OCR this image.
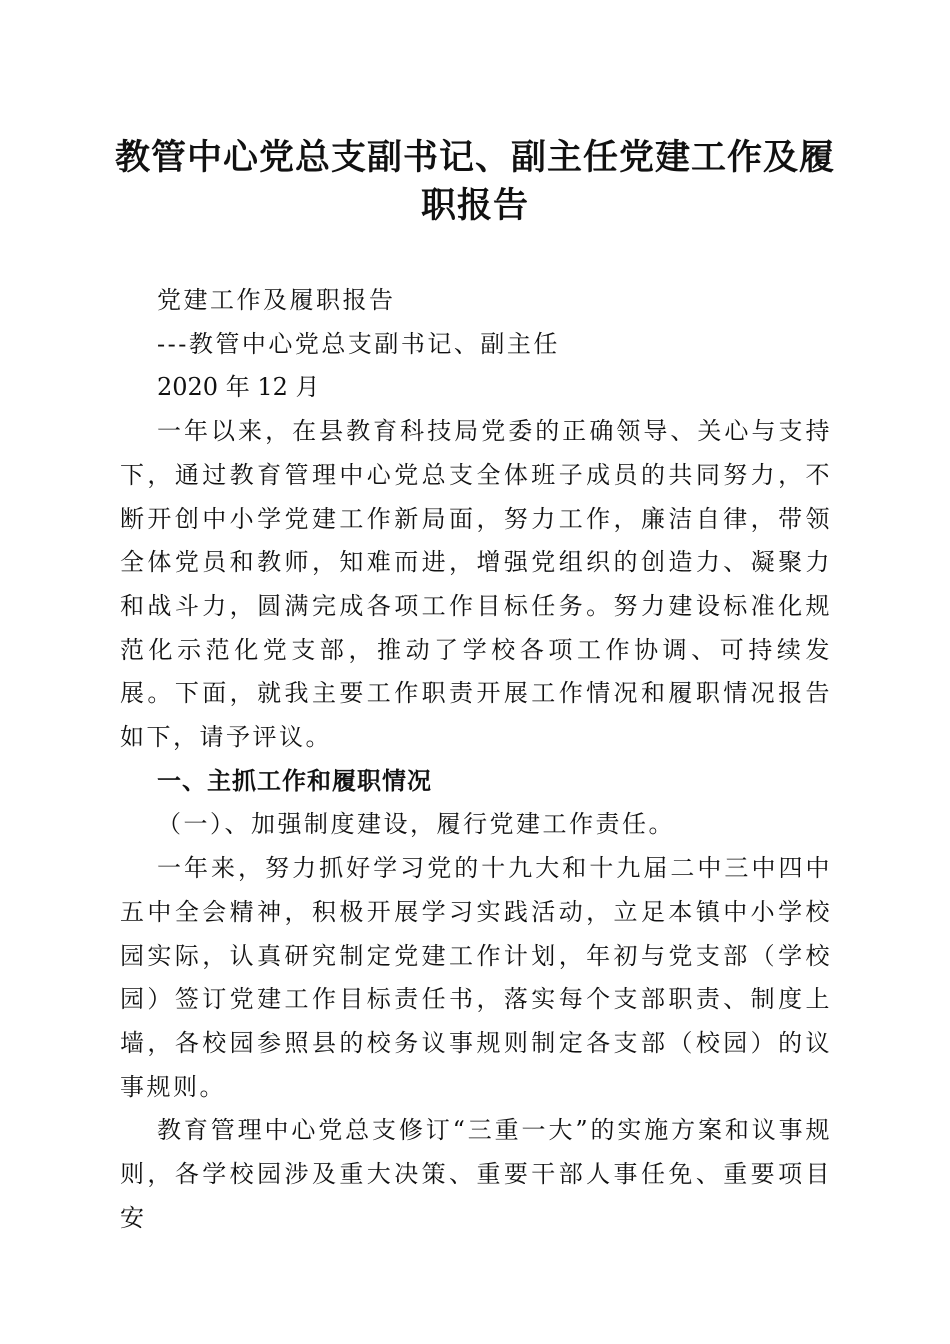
教管中心党总支副书记、副主任党建工作及履职报告

党建工作及履职报告

---教管中心党总支副书记、副主任

2020 年 12 月

一年以来，在县教育科技局党委的正确领导、关心与支持下，通过教育管理中心党总支全体班子成员的共同努力，不断开创中小学党建工作新局面，努力工作，廉洁自律，带领全体党员和教师，知难而进，增强党组织的创造力、凝聚力和战斗力，圆满完成各项工作目标任务。努力建设标准化规范化示范化党支部，推动了学校各项工作协调、可持续发展。下面，就我主要工作职责开展工作情况和履职情况报告如下，请予评议。

一、主抓工作和履职情况

（一）、加强制度建设，履行党建工作责任。

一年来，努力抓好学习党的十九大和十九届二中三中四中五中全会精神，积极开展学习实践活动，立足本镇中小学校园实际，认真研究制定党建工作计划，年初与党支部（学校园）签订党建工作目标责任书，落实每个支部职责、制度上墙，各校园参照县的校务议事规则制定各支部（校园）的议事规则。

教育管理中心党总支修订“三重一大”的实施方案和议事规则，各学校园涉及重大决策、重要干部人事任免、重要项目安
